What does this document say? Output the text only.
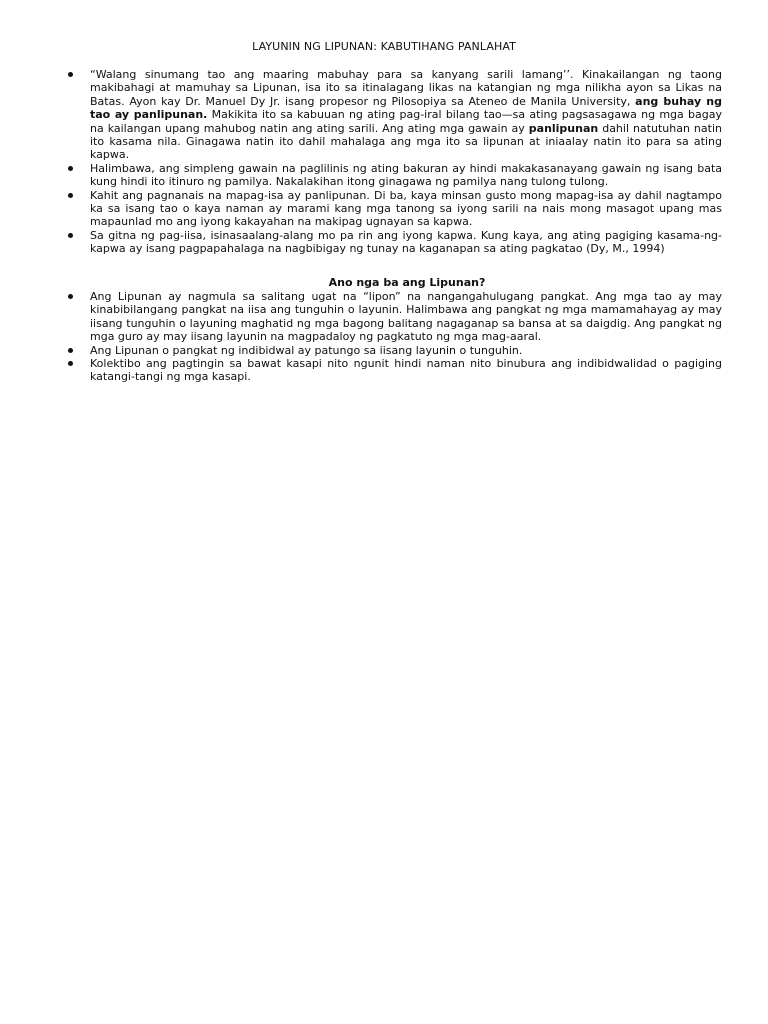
LAYUNIN NG LIPUNAN: KABUTIHANG PANLAHAT
“Walang sinumang tao ang maaring mabuhay para sa kanyang sarili lamang’’. Kinakailangan ng taong makibahagi at mamuhay sa Lipunan, isa ito sa itinalagang likas na katangian ng mga nilikha ayon sa Likas na Batas. Ayon kay Dr. Manuel Dy Jr. isang propesor ng Pilosopiya sa Ateneo de Manila University, ang buhay ng tao ay panlipunan. Makikita ito sa kabuuan ng ating pag-iral bilang tao—sa ating pagsasagawa ng mga bagay na kailangan upang mahubog natin ang ating sarili. Ang ating mga gawain ay panlipunan dahil natutuhan natin ito kasama nila. Ginagawa natin ito dahil mahalaga ang mga ito sa lipunan at iniaalay natin ito para sa ating kapwa.
Halimbawa, ang simpleng gawain na paglilinis ng ating bakuran ay hindi makakasanayang gawain ng isang bata kung hindi ito itinuro ng pamilya. Nakalakihan itong ginagawa ng pamilya nang tulong tulong.
Kahit ang pagnanais na mapag-isa ay panlipunan. Di ba, kaya minsan gusto mong mapag-isa ay dahil nagtampo ka sa isang tao o kaya naman ay marami kang mga tanong sa iyong sarili na nais mong masagot upang mas mapaunlad mo ang iyong kakayahan na makipag ugnayan sa kapwa.
Sa gitna ng pag-iisa, isinasaalang-alang mo pa rin ang iyong kapwa. Kung kaya, ang ating pagiging kasama-ng-kapwa ay isang pagpapahalaga na nagbibigay ng tunay na kaganapan sa ating pagkatao (Dy, M., 1994)
Ano nga ba ang Lipunan?
Ang Lipunan ay nagmula sa salitang ugat na “lipon” na nangangahulugang pangkat. Ang mga tao ay may kinabibilangang pangkat na iisa ang tunguhin o layunin. Halimbawa ang pangkat ng mga mamamahayag ay may iisang tunguhin o layuning maghatid ng mga bagong balitang nagaganap sa bansa at sa daigdig. Ang pangkat ng mga guro ay may iisang layunin na magpadaloy ng pagkatuto ng mga mag-aaral.
Ang Lipunan o pangkat ng indibidwal ay patungo sa iisang layunin o tunguhin.
Kolektibo ang pagtingin sa bawat kasapi nito ngunit hindi naman nito binubura ang indibidwalidad o pagiging katangi-tangi ng mga kasapi.
